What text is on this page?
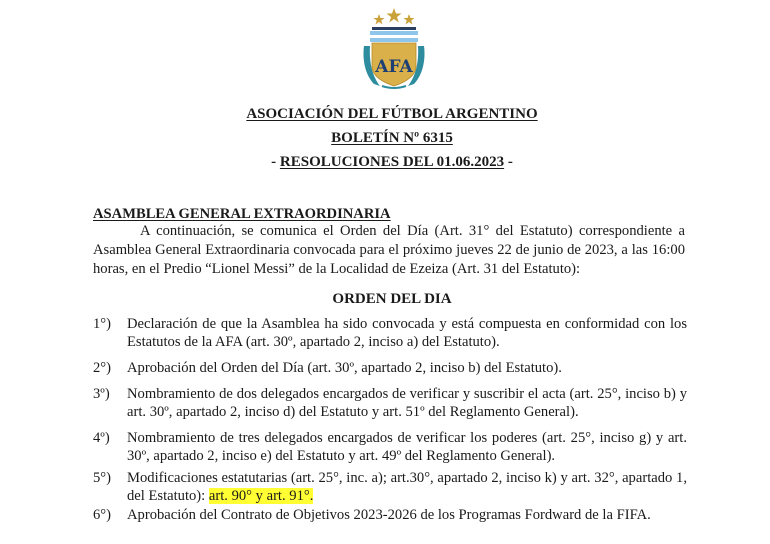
AFA
ASOCIACIÓN DEL FÚTBOL ARGENTINO
BOLETÍN Nº 6315
- RESOLUCIONES DEL 01.06.2023 -
ASAMBLEA GENERAL EXTRAORDINARIA
A continuación, se comunica el Orden del Día (Art. 31° del Estatuto) correspondiente a Asamblea General Extraordinaria convocada para el próximo jueves 22 de junio de 2023, a las 16:00 horas, en el Predio “Lionel Messi” de la Localidad de Ezeiza (Art. 31 del Estatuto):
ORDEN DEL DIA
1°)	Declaración de que la Asamblea ha sido convocada y está compuesta en conformidad con los Estatutos de la AFA (art. 30º, apartado 2, inciso a) del Estatuto).
2°)	Aprobación del Orden del Día (art. 30º, apartado 2, inciso b) del Estatuto).
3º)	Nombramiento de dos delegados encargados de verificar y suscribir el acta (art. 25°, inciso b) y art. 30º, apartado 2, inciso d) del Estatuto y art. 51º del Reglamento General).
4º)	Nombramiento de tres delegados encargados de verificar los poderes (art. 25°, inciso g) y art. 30º, apartado 2, inciso e) del Estatuto y art. 49º del Reglamento General).
5°)	Modificaciones estatutarias (art. 25°, inc. a); art.30°, apartado 2, inciso k) y art. 32°, apartado 1, del Estatuto): art. 90° y art. 91°.
6°)	Aprobación del Contrato de Objetivos 2023-2026 de los Programas Fordward de la FIFA.
